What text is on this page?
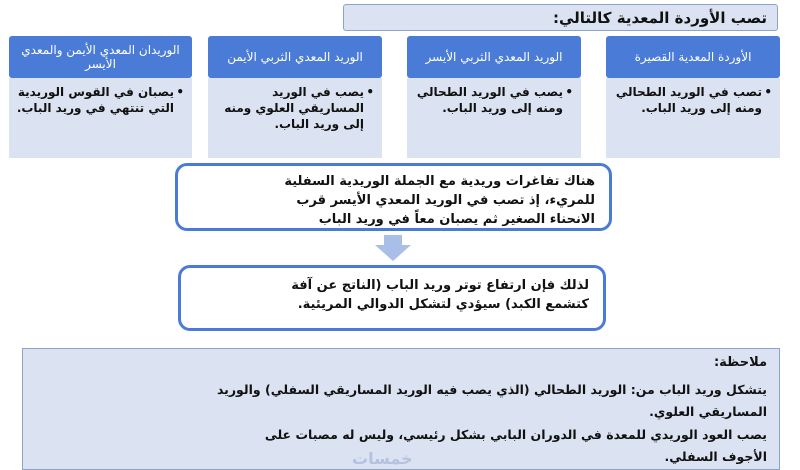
تصب الأوردة المعدية كالتالي:
الأوردة المعدية القصيرة
•
تصب في الوريد الطحالي ومنه إلى وريد الباب.
الوريد المعدي الثربي الأيسر
•
يصب في الوريد الطحالي ومنه إلى وريد الباب.
الوريد المعدي الثربي الأيمن
•
يصب في الوريد المساريقي العلوي ومنه إلى وريد الباب.
الوريدان المعدي الأيمن والمعدي الأيسر
•
يصبان في القوس الوريدية التي تنتهي في وريد الباب.
هناك تفاغرات وريدية مع الجملة الوريدية السفلية
للمريء، إذ تصب في الوريد المعدي الأيسر قرب
الانحناء الصغير ثم يصبان معاً في وريد الباب
لذلك فإن ارتفاع توتر وريد الباب (الناتج عن آفة
كتشمع الكبد) سيؤدي لتشكل الدوالي المريئية.
ملاحظة:
يتشكل وريد الباب من: الوريد الطحالي (الذي يصب فيه الوريد المساريقي السفلي) والوريد
المساريقي العلوي.
يصب العود الوريدي للمعدة في الدوران البابي بشكل رئيسي، وليس له مصبات على
الأجوف السفلي.
خمسات
